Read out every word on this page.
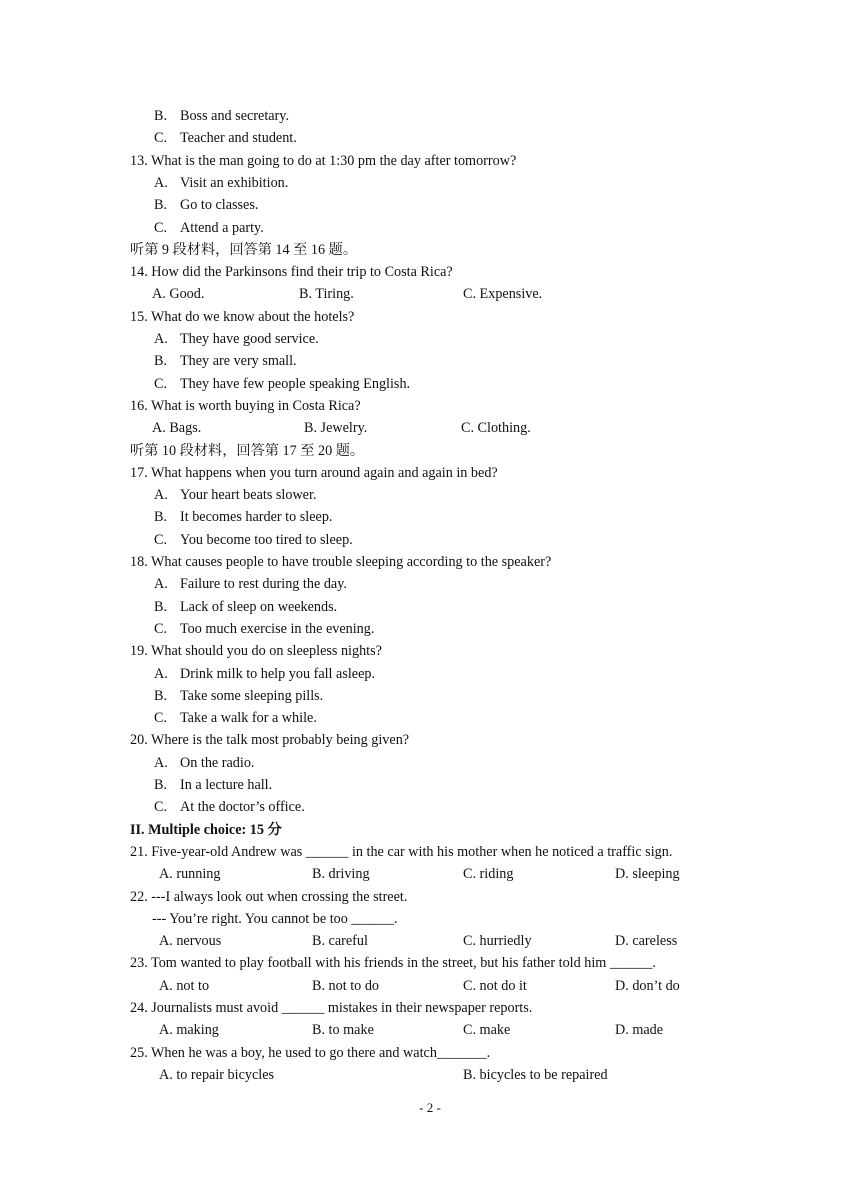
B. Boss and secretary.
C. Teacher and student.
13. What is the man going to do at 1:30 pm the day after tomorrow?
A. Visit an exhibition.
B. Go to classes.
C. Attend a party.
听第 9 段材料，回答第 14 至 16 题。
14. How did the Parkinsons find their trip to Costa Rica?
A. Good.	B. Tiring.	C. Expensive.
15. What do we know about the hotels?
A. They have good service.
B. They are very small.
C. They have few people speaking English.
16. What is worth buying in Costa Rica?
A. Bags.	B. Jewelry.	C. Clothing.
听第 10 段材料，回答第 17 至 20 题。
17. What happens when you turn around again and again in bed?
A. Your heart beats slower.
B. It becomes harder to sleep.
C. You become too tired to sleep.
18. What causes people to have trouble sleeping according to the speaker?
A. Failure to rest during the day.
B. Lack of sleep on weekends.
C. Too much exercise in the evening.
19. What should you do on sleepless nights?
A. Drink milk to help you fall asleep.
B. Take some sleeping pills.
C. Take a walk for a while.
20. Where is the talk most probably being given?
A. On the radio.
B. In a lecture hall.
C. At the doctor’s office.
II. Multiple choice: 15 分
21. Five-year-old Andrew was ______ in the car with his mother when he noticed a traffic sign.
A. running	B. driving	C. riding	D. sleeping
22. ---I always look out when crossing the street.
--- You’re right. You cannot be too ______.
A. nervous	B. careful	C. hurriedly	D. careless
23. Tom wanted to play football with his friends in the street, but his father told him ______.
A. not to	B. not to do	C. not do it	D. don’t do
24. Journalists must avoid ______ mistakes in their newspaper reports.
A. making	B. to make	C. make	D. made
25. When he was a boy, he used to go there and watch_______.
A. to repair bicycles	B. bicycles to be repaired
- 2 -
